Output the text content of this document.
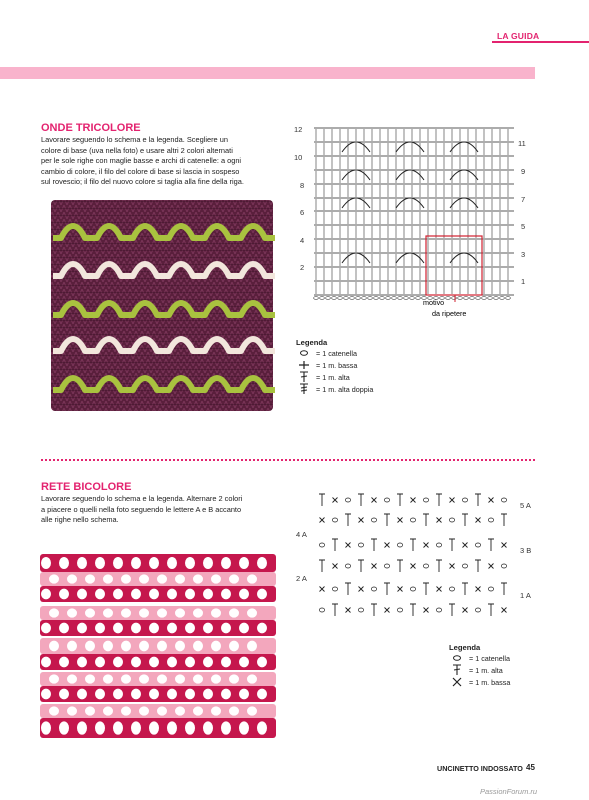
LA GUIDA
ONDE TRICOLORE
Lavorare seguendo lo schema e la legenda. Scegliere un
colore di base (uva nella foto) e usare altri 2 colori alternati
per le sole righe con maglie basse e archi di catenelle: a ogni
cambio di colore, il filo del colore di base si lascia in sospeso
sul rovescio; il filo del nuovo colore si taglia alla fine della riga.
12
10
8
6
4
2
11
9
7
5
3
1
motivo
da ripetere
Legenda
= 1 catenella
= 1 m. bassa
= 1 m. alta
= 1 m. alta doppia
RETE BICOLORE
Lavorare seguendo lo schema e la legenda. Alternare 2 colori
a piacere o quelli nella foto seguendo le lettere A e B accanto
alle righe nello schema.
4 A
2 A
5 A
3 B
1 A
Legenda
= 1 catenella
= 1 m. alta
= 1 m. bassa
UNCINETTO INDOSSATO 45
PassionForum.ru
